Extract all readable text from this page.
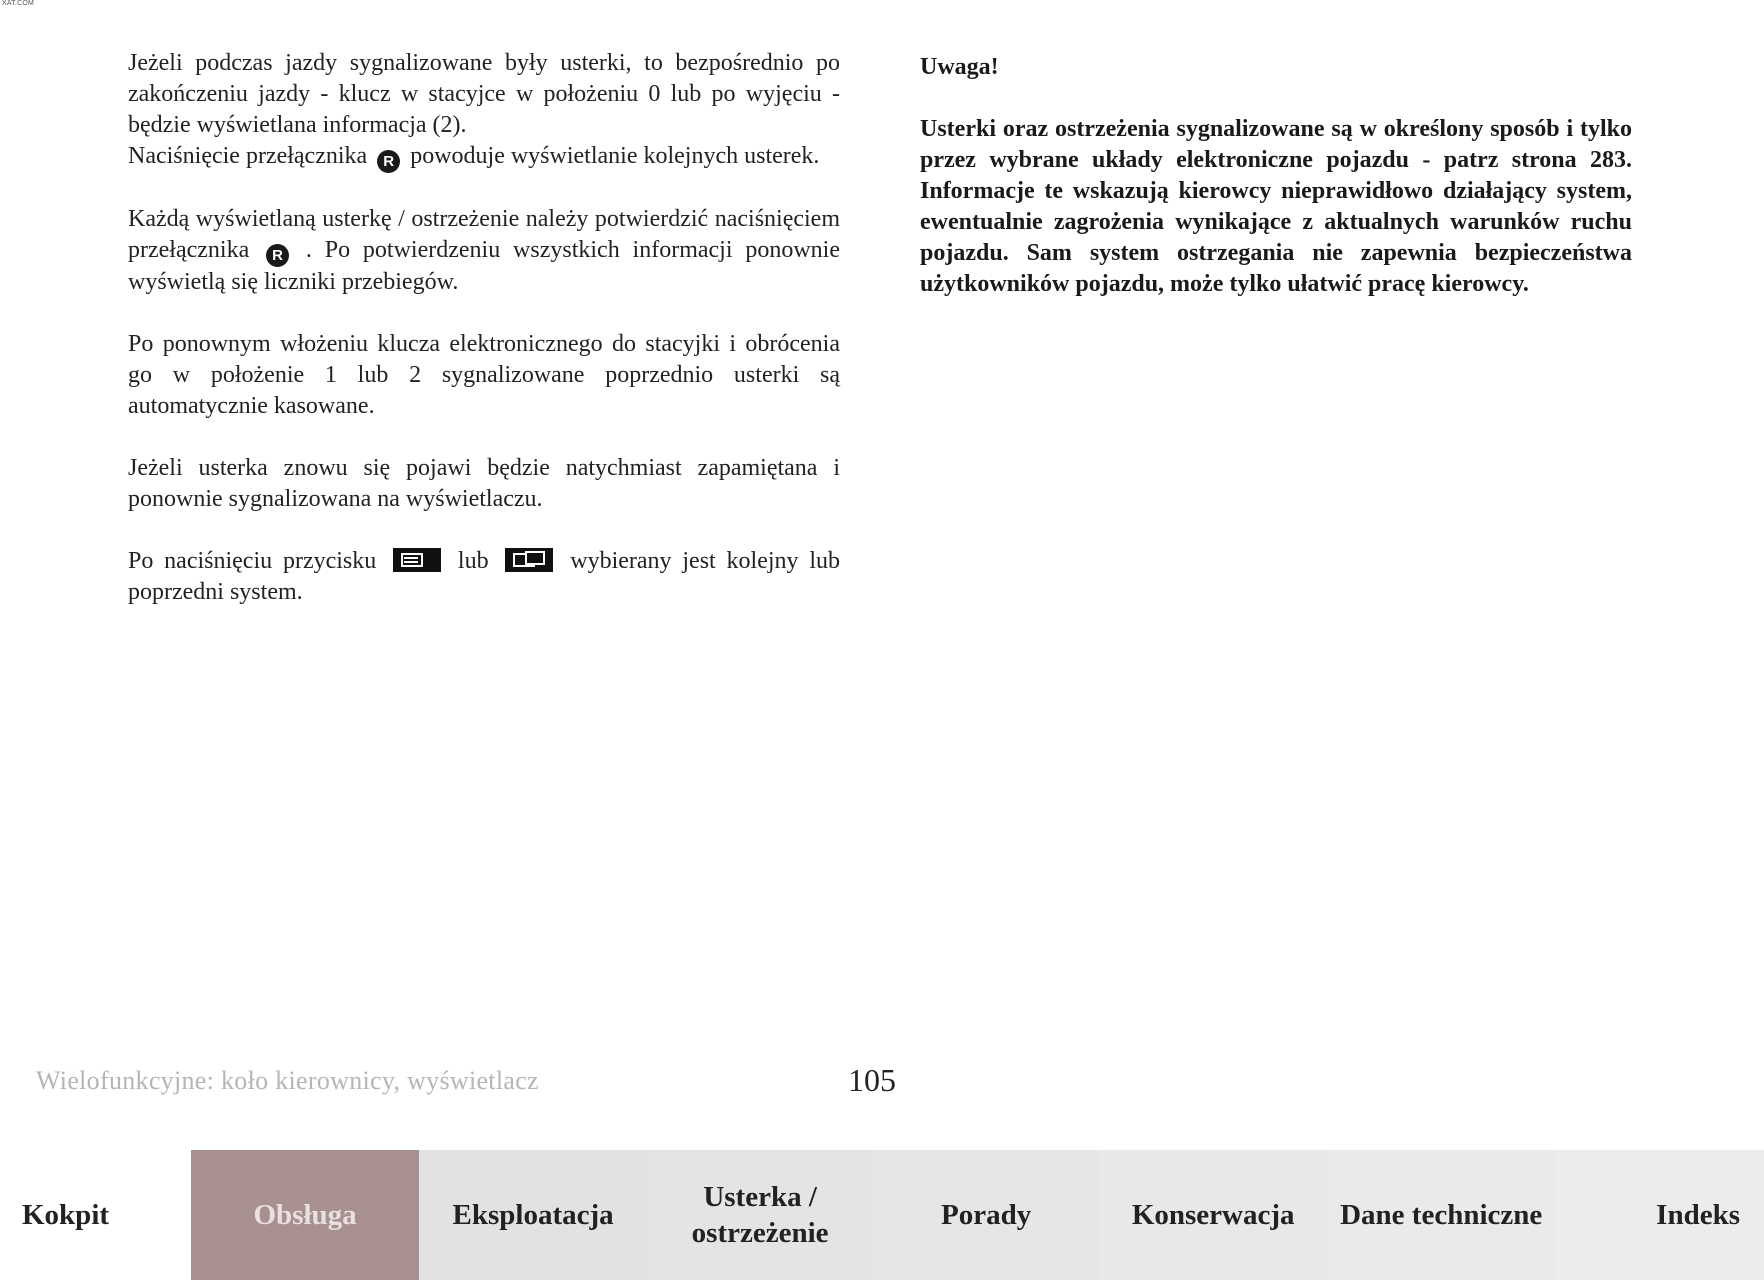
XAT.COM

Jeżeli podczas jazdy sygnalizowane były usterki, to bezpośrednio po zakończeniu jazdy - klucz w stacyjce w położeniu 0 lub po wyjęciu - będzie wyświetlana informacja (2).

Naciśnięcie przełącznika R powoduje wyświetlanie kolejnych usterek.

Każdą wyświetlaną usterkę / ostrzeżenie należy potwierdzić naciśnięciem przełącznika R . Po potwierdzeniu wszystkich informacji ponownie wyświetlą się liczniki przebiegów.

Po ponownym włożeniu klucza elektronicznego do stacyjki i obrócenia go w położenie 1 lub 2 sygnalizowane poprzednio usterki są automatycznie kasowane.

Jeżeli usterka znowu się pojawi będzie natychmiast zapamiętana i ponownie sygnalizowana na wyświetlaczu.

Po naciśnięciu przycisku	lub	wybierany jest kolejny lub poprzedni system.

Uwaga!

Usterki oraz ostrzeżenia sygnalizowane są w określony sposób i tylko przez wybrane układy elektroniczne pojazdu - patrz strona 283. Informacje te wskazują kierowcy nieprawidłowo działający system, ewentualnie zagrożenia wynikające z aktualnych warunków ruchu pojazdu. Sam system ostrzegania nie zapewnia bezpieczeństwa użytkowników pojazdu, może tylko ułatwić pracę kierowcy.

Wielofunkcyjne: koło kierownicy, wyświetlacz	105
Kokpit	Obsługa	Eksploatacja
Usterka / ostrzeżenie
Porady	Konserwacja	Dane techniczne	Indeks
